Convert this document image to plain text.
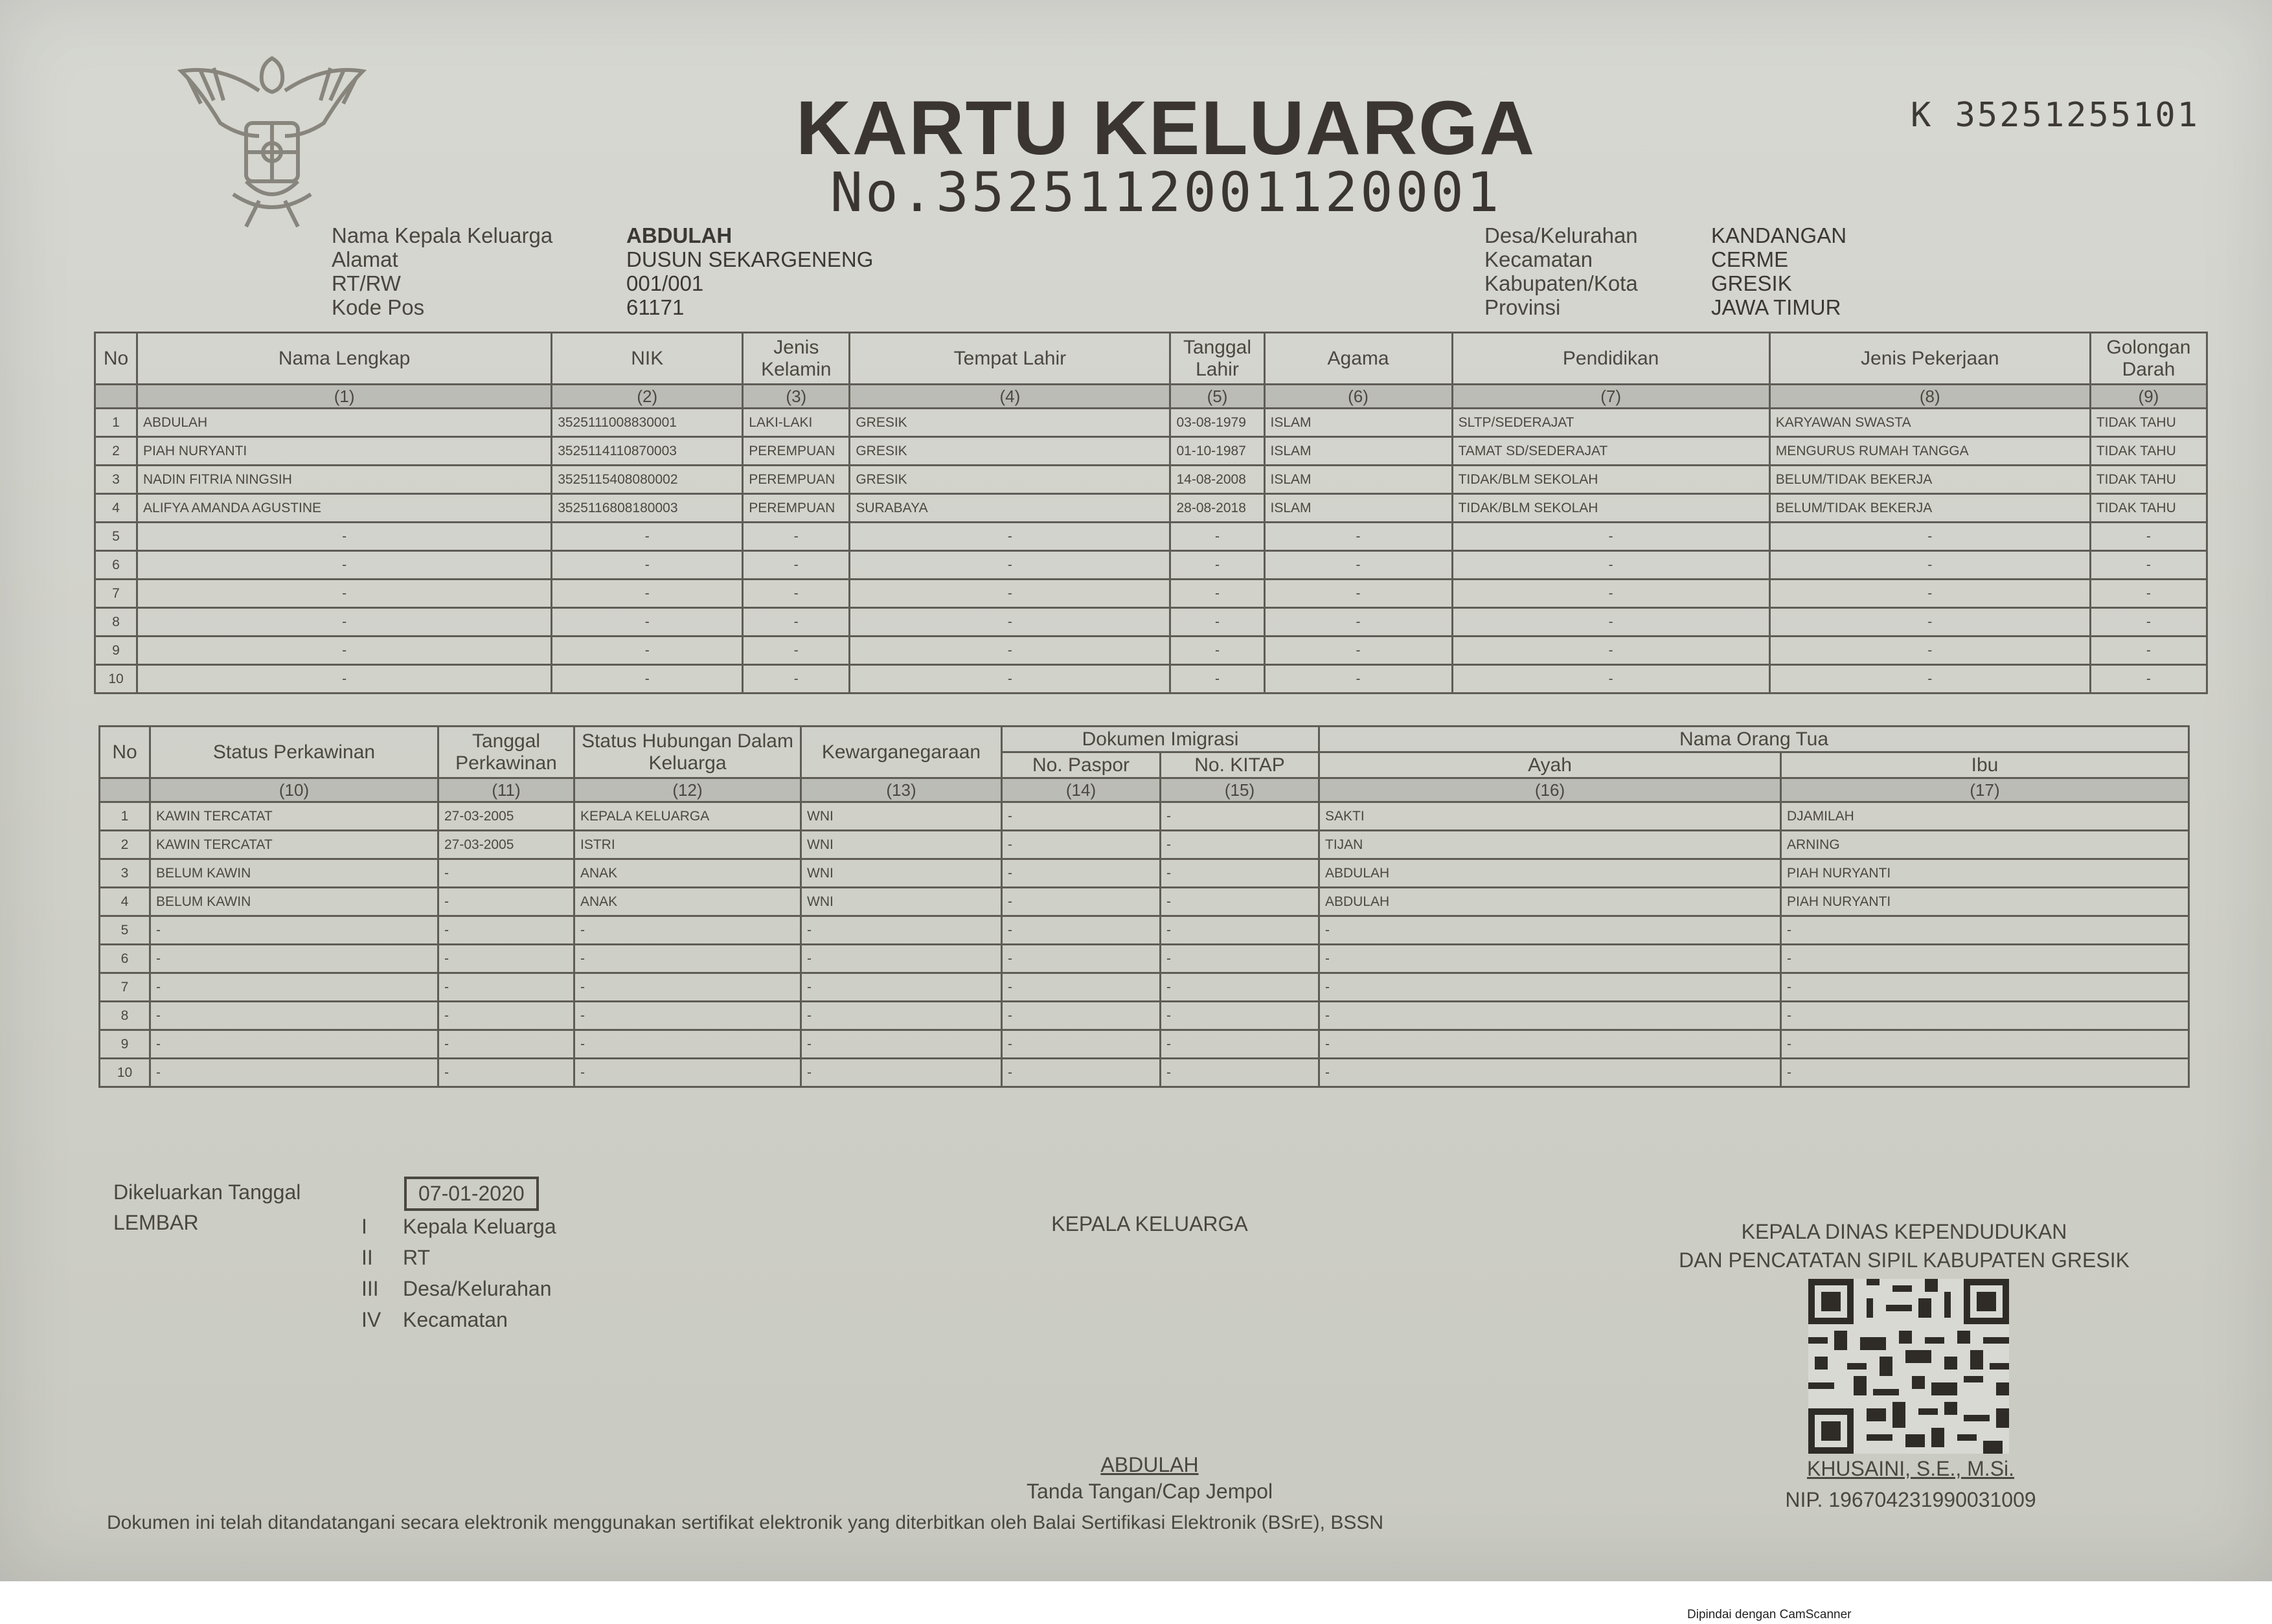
KARTU KELUARGA
No.3525112001120001
K 35251255101
Nama Kepala Keluarga	ABDULAH
Alamat	DUSUN SEKARGENENG
RT/RW	001/001
Kode Pos	61171
Desa/Kelurahan	KANDANGAN
Kecamatan	CERME
Kabupaten/Kota	GRESIK
Provinsi	JAWA TIMUR
No	Nama Lengkap	NIK	Jenis Kelamin	Tempat Lahir	Tanggal Lahir	Agama	Pendidikan	Jenis Pekerjaan	Golongan Darah
	(1)	(2)	(3)	(4)	(5)	(6)	(7)	(8)	(9)
1	ABDULAH	3525111008830001	LAKI-LAKI	GRESIK	03-08-1979	ISLAM	SLTP/SEDERAJAT	KARYAWAN SWASTA	TIDAK TAHU
2	PIAH NURYANTI	3525114110870003	PEREMPUAN	GRESIK	01-10-1987	ISLAM	TAMAT SD/SEDERAJAT	MENGURUS RUMAH TANGGA	TIDAK TAHU
3	NADIN FITRIA NINGSIH	3525115408080002	PEREMPUAN	GRESIK	14-08-2008	ISLAM	TIDAK/BLM SEKOLAH	BELUM/TIDAK BEKERJA	TIDAK TAHU
4	ALIFYA AMANDA AGUSTINE	3525116808180003	PEREMPUAN	SURABAYA	28-08-2018	ISLAM	TIDAK/BLM SEKOLAH	BELUM/TIDAK BEKERJA	TIDAK TAHU
5	-	-	-	-	-	-	-	-	-
6	-	-	-	-	-	-	-	-	-
7	-	-	-	-	-	-	-	-	-
8	-	-	-	-	-	-	-	-	-
9	-	-	-	-	-	-	-	-	-
10	-	-	-	-	-	-	-	-	-
No	Status Perkawinan	Tanggal Perkawinan	Status Hubungan Dalam Keluarga	Kewarganegaraan	Dokumen Imigrasi		Nama Orang Tua	
					No. Paspor	No. KITAP	Ayah	Ibu
	(10)	(11)	(12)	(13)	(14)	(15)	(16)	(17)
1	KAWIN TERCATAT	27-03-2005	KEPALA KELUARGA	WNI	-	-	SAKTI	DJAMILAH
2	KAWIN TERCATAT	27-03-2005	ISTRI	WNI	-	-	TIJAN	ARNING
3	BELUM KAWIN	-	ANAK	WNI	-	-	ABDULAH	PIAH NURYANTI
4	BELUM KAWIN	-	ANAK	WNI	-	-	ABDULAH	PIAH NURYANTI
5	-	-	-	-	-	-	-	-
6	-	-	-	-	-	-	-	-
7	-	-	-	-	-	-	-	-
8	-	-	-	-	-	-	-	-
9	-	-	-	-	-	-	-	-
10	-	-	-	-	-	-	-	-
Dikeluarkan Tanggal	07-01-2020
LEMBAR	I Kepala Keluarga
II RT
III Desa/Kelurahan
IV Kecamatan
KEPALA KELUARGA
ABDULAH
Tanda Tangan/Cap Jempol
KEPALA DINAS KEPENDUDUKAN
DAN PENCATATAN SIPIL KABUPATEN GRESIK
KHUSAINI, S.E., M.Si.
NIP. 196704231990031009
Dokumen ini telah ditandatangani secara elektronik menggunakan sertifikat elektronik yang diterbitkan oleh Balai Sertifikasi Elektronik (BSrE), BSSN
Dipindai dengan CamScanner
